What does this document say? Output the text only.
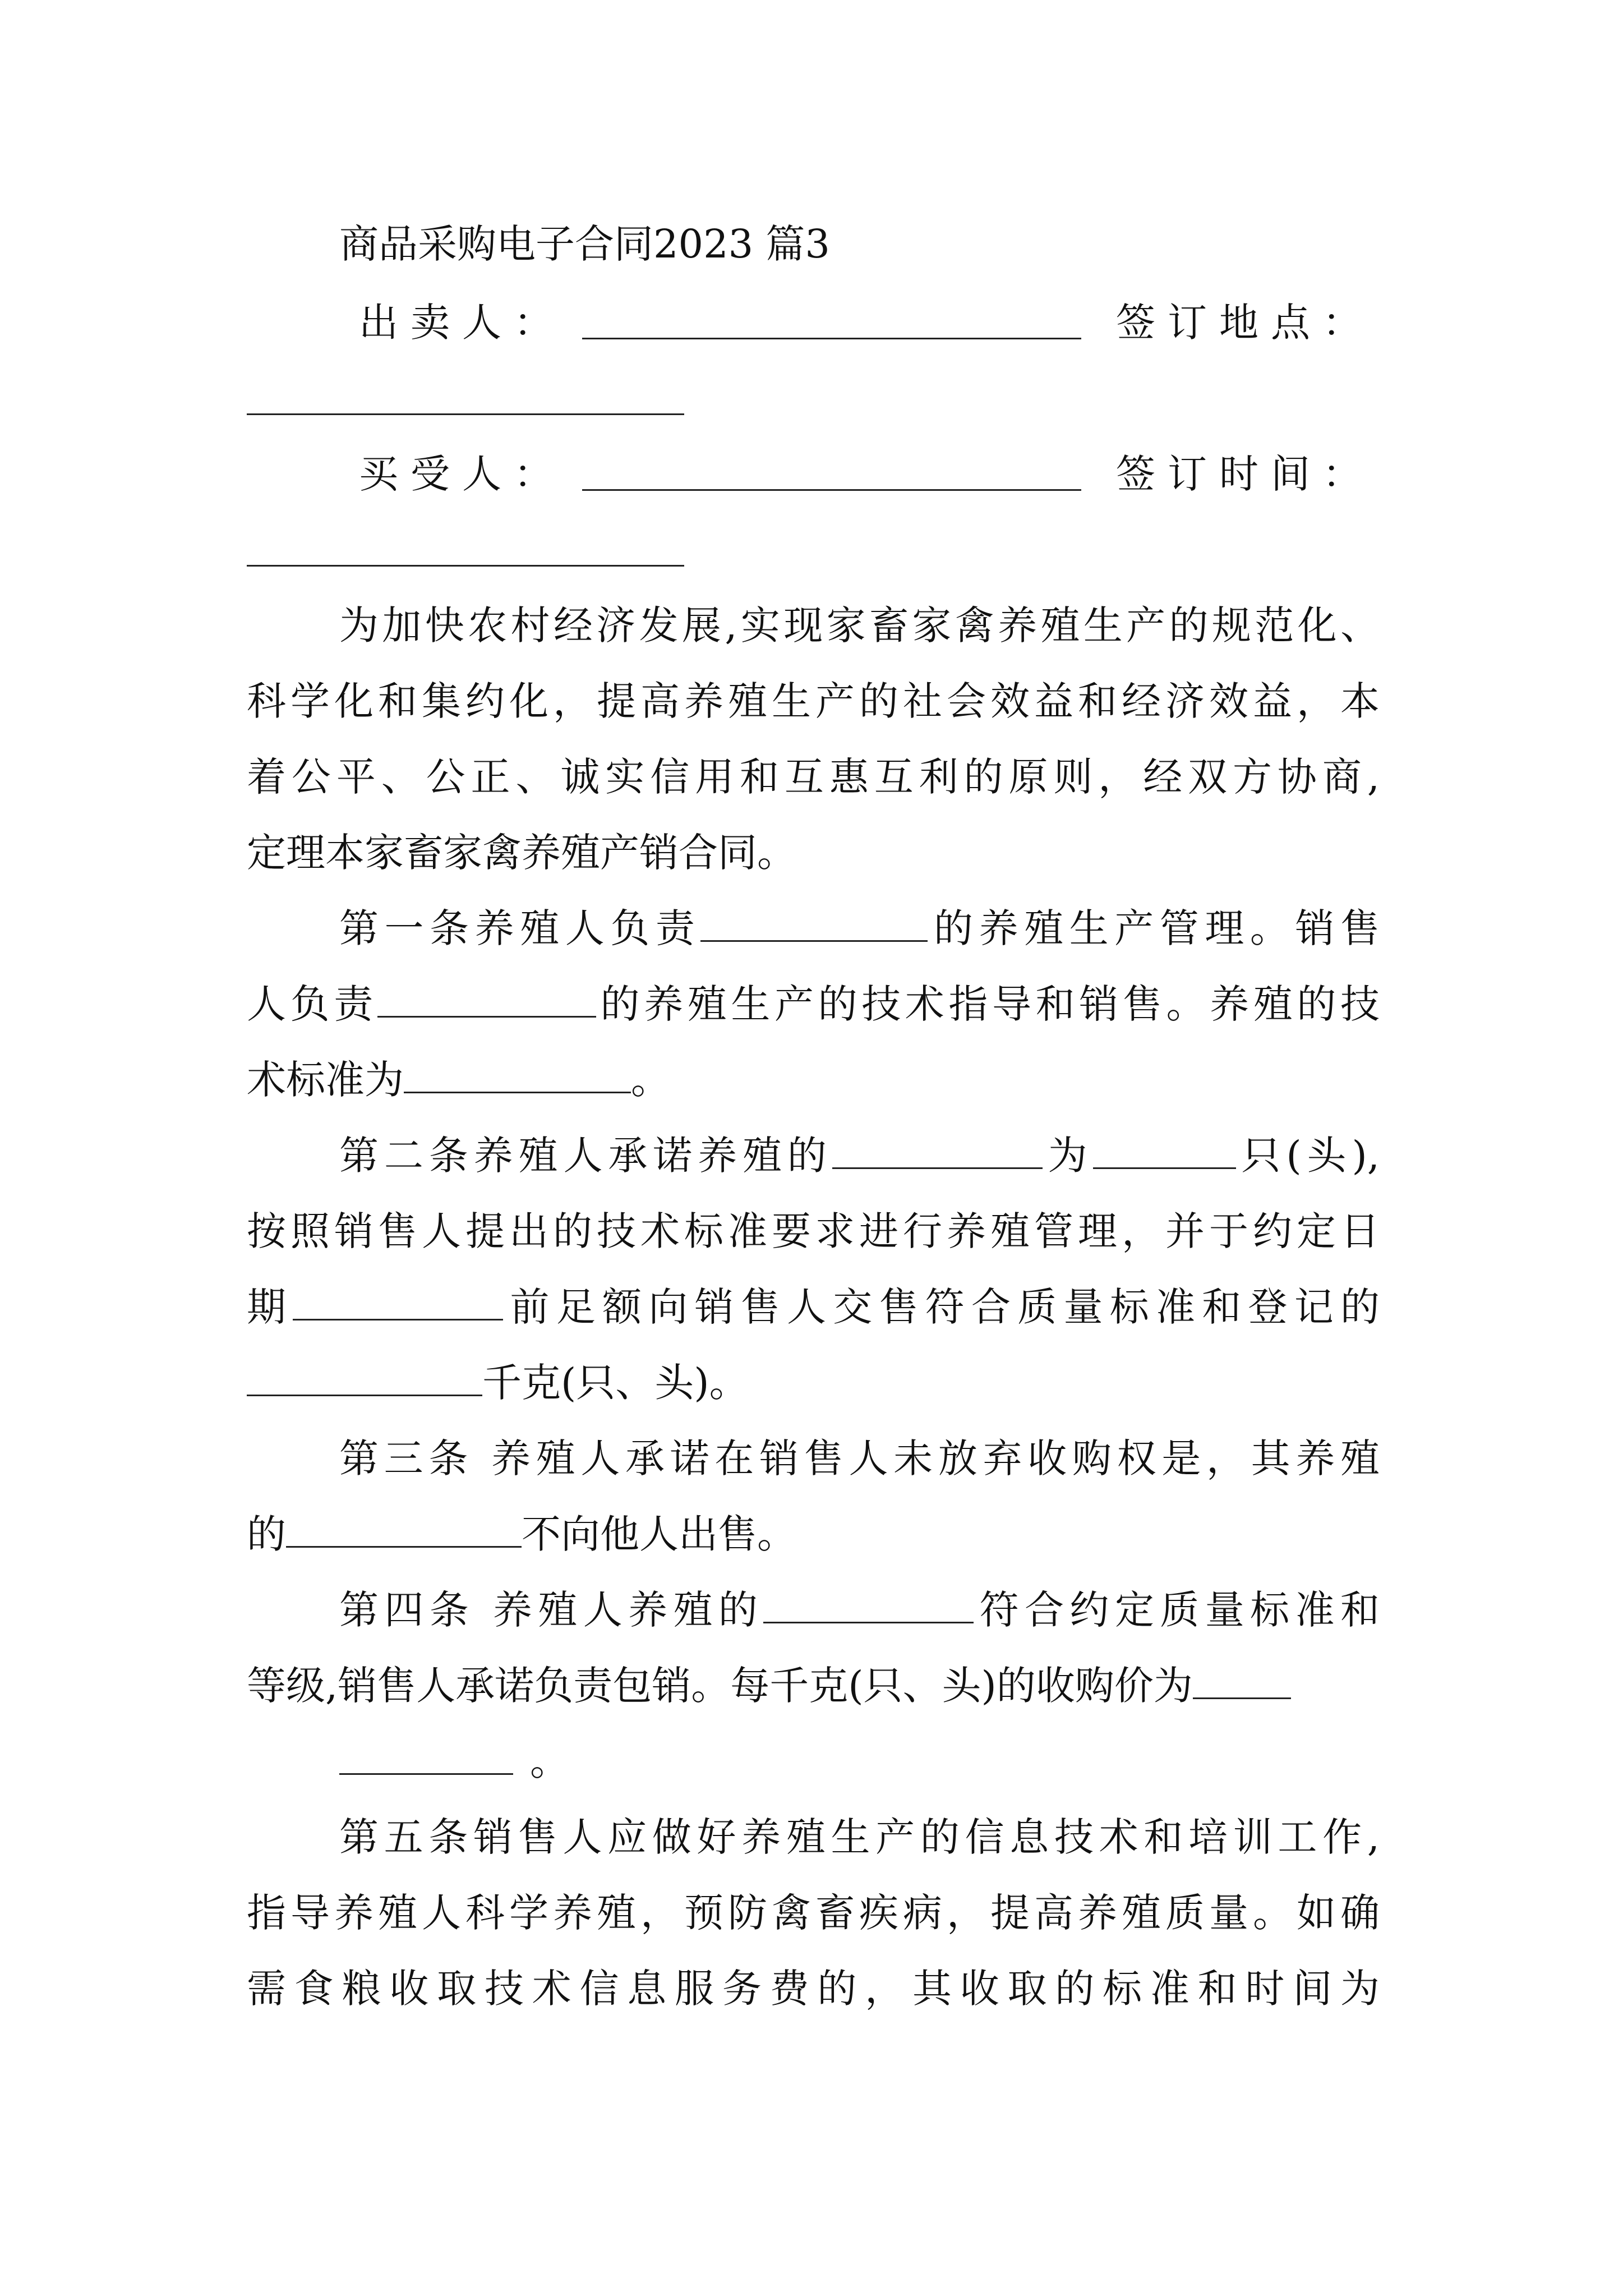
商品采购电子合同2023 篇3
出卖人：	签订地点：
买受人：	签订时间：
为加快农村经济发展,实现家畜家禽养殖生产的规范化、
科学化和集约化，提高养殖生产的社会效益和经济效益，本
着公平、公正、诚实信用和互惠互利的原则，经双方协商,
定理本家畜家禽养殖产销合同。
第一条养殖人负责	的养殖生产管理。销售
人负责	的养殖生产的技术指导和销售。养殖的技
术标准为	。
第二条养殖人承诺养殖的	为	只(头),
按照销售人提出的技术标准要求进行养殖管理，并于约定日
期	前足额向销售人交售符合质量标准和登记的
千克(只、头)。
第三条 养殖人承诺在销售人未放弃收购权是，其养殖
的	不向他人出售。
第四条 养殖人养殖的	符合约定质量标准和
等级,销售人承诺负责包销。每千克(只、头)的收购价为
。
第五条销售人应做好养殖生产的信息技术和培训工作,
指导养殖人科学养殖，预防禽畜疾病，提高养殖质量。如确
需食粮收取技术信息服务费的，其收取的标准和时间为
